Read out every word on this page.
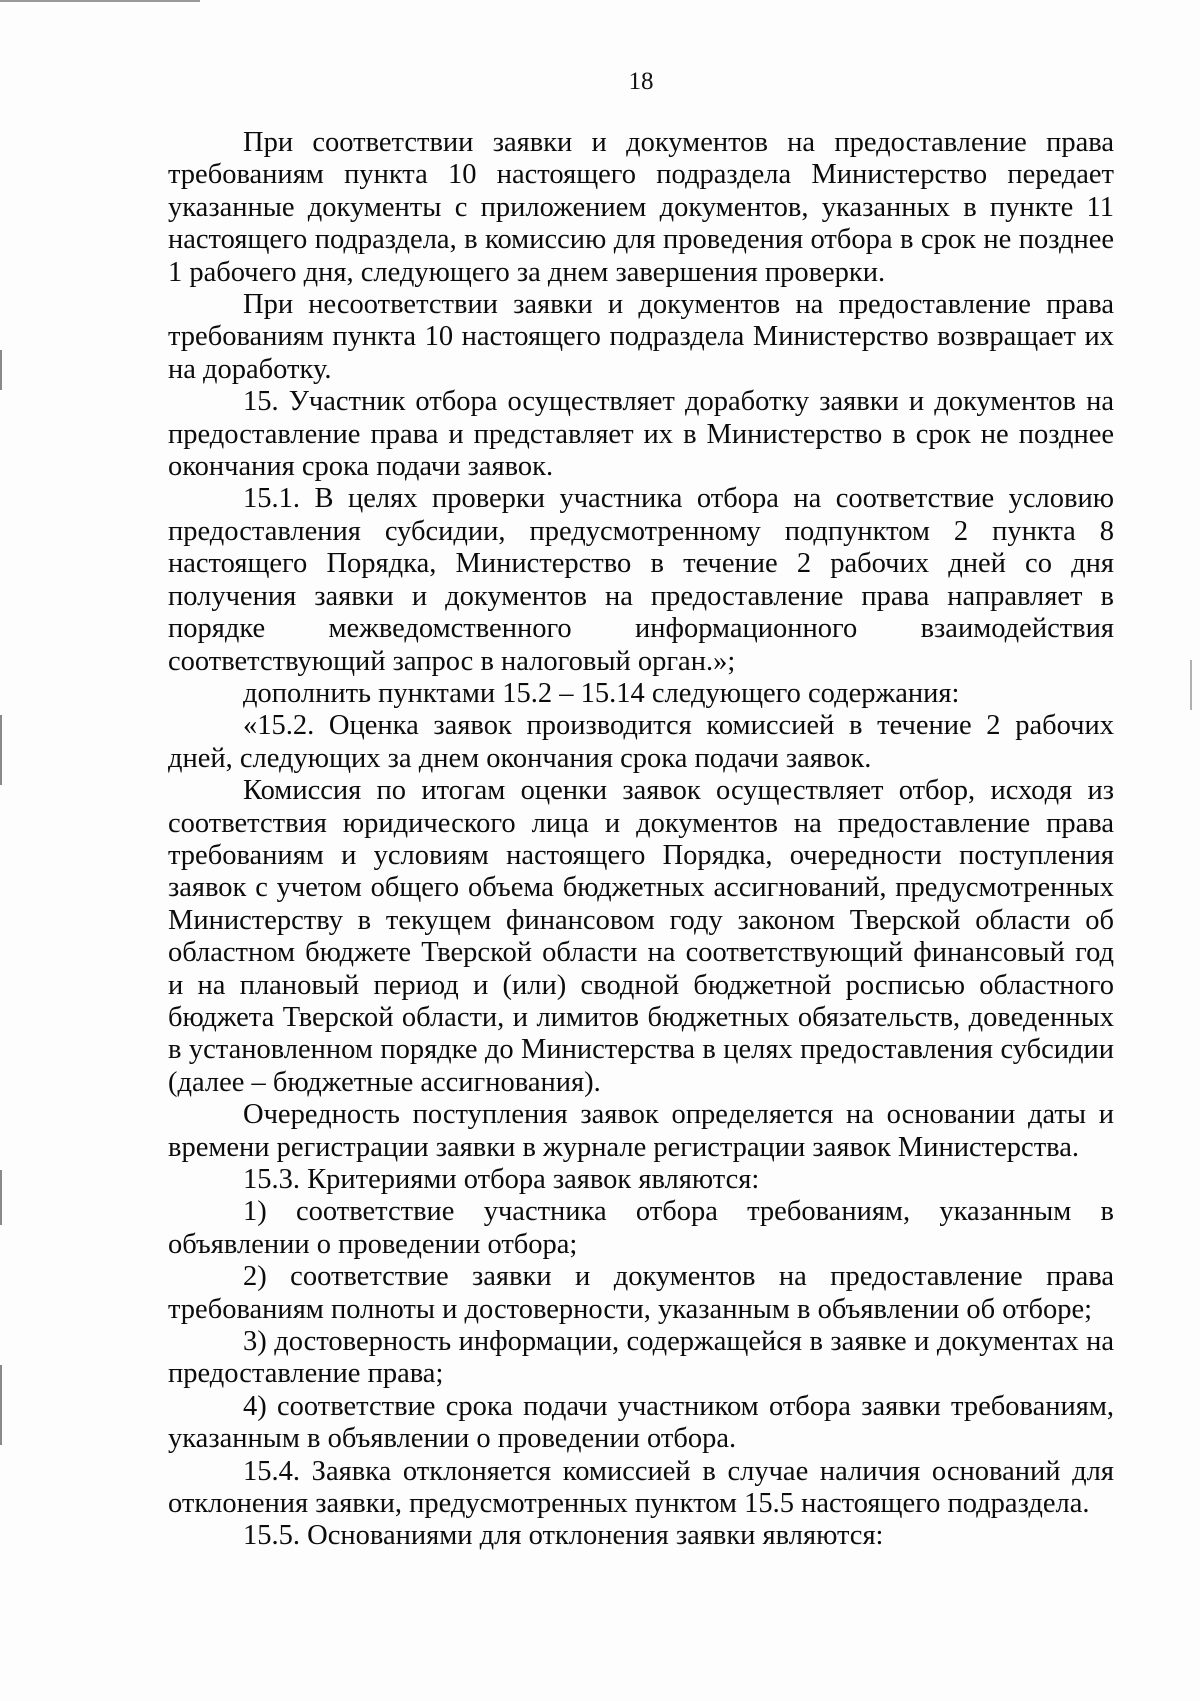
18

При соответствии заявки и документов на предоставление права требованиям пункта 10 настоящего подраздела Министерство передает указанные документы с приложением документов, указанных в пункте 11 настоящего подраздела, в комиссию для проведения отбора в срок не позднее 1 рабочего дня, следующего за днем завершения проверки.

При несоответствии заявки и документов на предоставление права требованиям пункта 10 настоящего подраздела Министерство возвращает их на доработку.

15. Участник отбора осуществляет доработку заявки и документов на предоставление права и представляет их в Министерство в срок не позднее окончания срока подачи заявок.

15.1. В целях проверки участника отбора на соответствие условию предоставления субсидии, предусмотренному подпунктом 2 пункта 8 настоящего Порядка, Министерство в течение 2 рабочих дней со дня получения заявки и документов на предоставление права направляет в порядке межведомственного информационного взаимодействия соответствующий запрос в налоговый орган.»;

дополнить пунктами 15.2 – 15.14 следующего содержания:

«15.2. Оценка заявок производится комиссией в течение 2 рабочих дней, следующих за днем окончания срока подачи заявок.

Комиссия по итогам оценки заявок осуществляет отбор, исходя из соответствия юридического лица и документов на предоставление права требованиям и условиям настоящего Порядка, очередности поступления заявок с учетом общего объема бюджетных ассигнований, предусмотренных Министерству в текущем финансовом году законом Тверской области об областном бюджете Тверской области на соответствующий финансовый год и на плановый период и (или) сводной бюджетной росписью областного бюджета Тверской области, и лимитов бюджетных обязательств, доведенных в установленном порядке до Министерства в целях предоставления субсидии (далее – бюджетные ассигнования).

Очередность поступления заявок определяется на основании даты и времени регистрации заявки в журнале регистрации заявок Министерства.

15.3. Критериями отбора заявок являются:

1) соответствие участника отбора требованиям, указанным в объявлении о проведении отбора;

2) соответствие заявки и документов на предоставление права требованиям полноты и достоверности, указанным в объявлении об отборе;

3) достоверность информации, содержащейся в заявке и документах на предоставление права;

4) соответствие срока подачи участником отбора заявки требованиям, указанным в объявлении о проведении отбора.

15.4. Заявка отклоняется комиссией в случае наличия оснований для отклонения заявки, предусмотренных пунктом 15.5 настоящего подраздела.

15.5. Основаниями для отклонения заявки являются:
